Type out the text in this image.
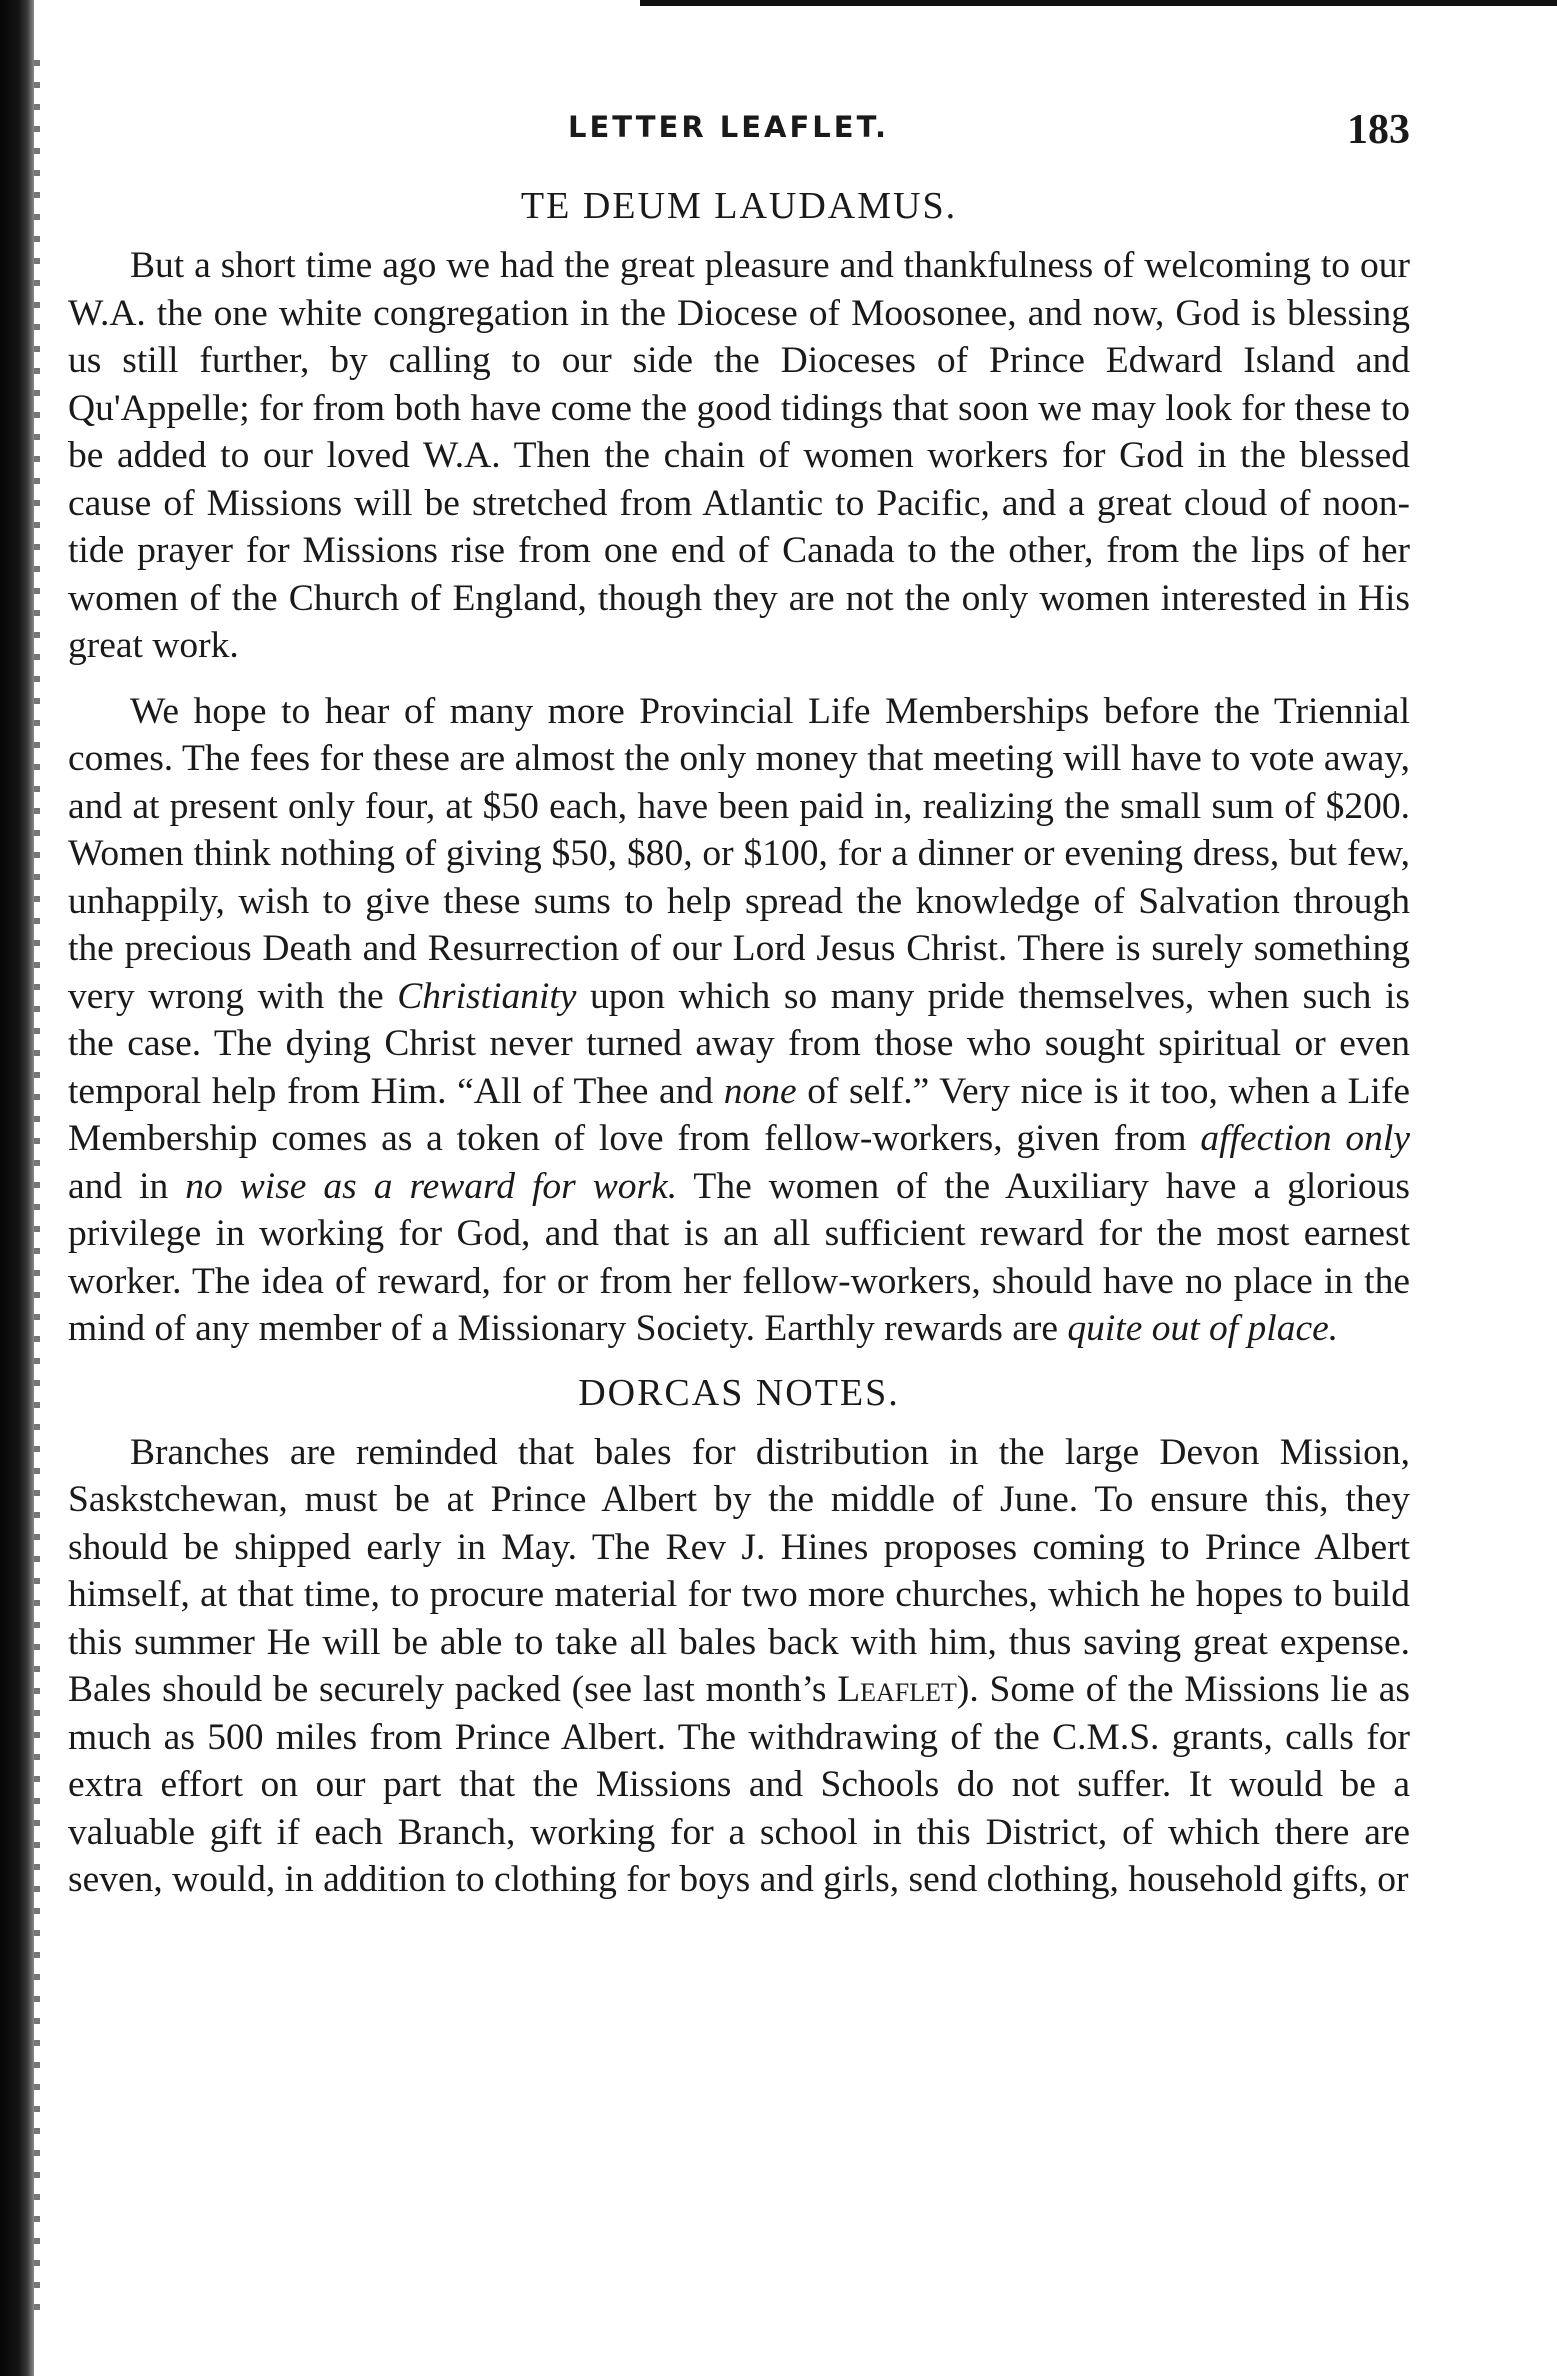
LETTER LEAFLET.	183
TE DEUM LAUDAMUS.

But a short time ago we had the great pleasure and thankfulness of welcoming to our W.A. the one white congregation in the Diocese of Moosonee, and now, God is blessing us still further, by calling to our side the Dioceses of Prince Edward Island and Qu'Appelle; for from both have come the good tidings that soon we may look for these to be added to our loved W.A. Then the chain of women workers for God in the blessed cause of Missions will be stretched from Atlantic to Pacific, and a great cloud of noon-tide prayer for Missions rise from one end of Canada to the other, from the lips of her women of the Church of England, though they are not the only women interested in His great work.

We hope to hear of many more Provincial Life Memberships before the Triennial comes. The fees for these are almost the only money that meeting will have to vote away, and at present only four, at $50 each, have been paid in, realizing the small sum of $200. Women think nothing of giving $50, $80, or $100, for a dinner or evening dress, but few, unhappily, wish to give these sums to help spread the knowledge of Salvation through the precious Death and Resurrection of our Lord Jesus Christ. There is surely something very wrong with the Christianity upon which so many pride themselves, when such is the case. The dying Christ never turned away from those who sought spiritual or even temporal help from Him. “All of Thee and none of self.” Very nice is it too, when a Life Membership comes as a token of love from fellow-workers, given from affection only and in no wise as a reward for work. The women of the Auxiliary have a glorious privilege in working for God, and that is an all sufficient reward for the most earnest worker. The idea of reward, for or from her fellow-workers, should have no place in the mind of any member of a Missionary Society. Earthly rewards are quite out of place.

DORCAS NOTES.

Branches are reminded that bales for distribution in the large Devon Mission, Saskstchewan, must be at Prince Albert by the middle of June. To ensure this, they should be shipped early in May. The Rev J. Hines proposes coming to Prince Albert himself, at that time, to procure material for two more churches, which he hopes to build this summer He will be able to take all bales back with him, thus saving great expense. Bales should be securely packed (see last month’s Leaflet). Some of the Missions lie as much as 500 miles from Prince Albert. The withdrawing of the C.M.S. grants, calls for extra effort on our part that the Missions and Schools do not suffer. It would be a valuable gift if each Branch, working for a school in this District, of which there are seven, would, in addition to clothing for boys and girls, send clothing, household gifts, or
